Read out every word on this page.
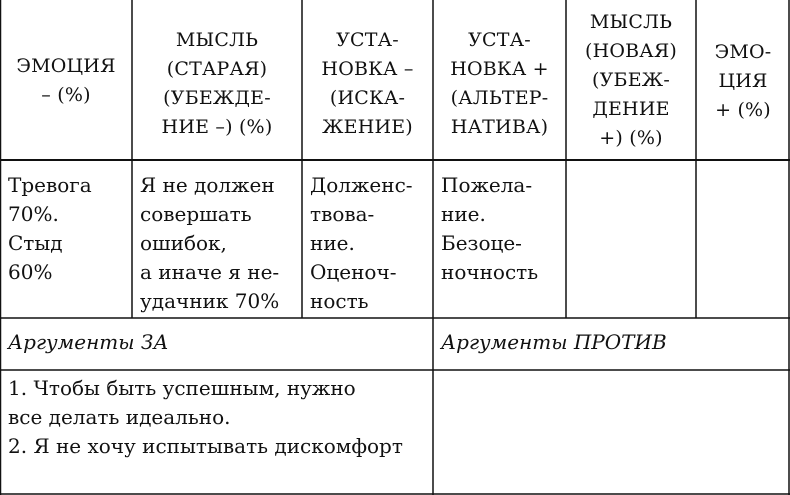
ЭМОЦИЯ
– (%)
МЫСЛЬ
(СТАРАЯ)
(УБЕЖДЕ-
НИЕ –) (%)
УСТА-
НОВКА –
(ИСКА-
ЖЕНИЕ)
УСТА-
НОВКА +
(АЛЬТЕР-
НАТИВА)
МЫСЛЬ
(НОВАЯ)
(УБЕЖ-
ДЕНИЕ
+) (%)
ЭМО-
ЦИЯ
+ (%)
Тревога
70%.
Стыд
60%
Я не должен
совершать
ошибок,
а иначе я не-
удачник 70%
Долженс-
твова-
ние.
Оценоч-
ность
Пожела-
ние.
Безоце-
ночность
Аргументы ЗА	Аргументы ПРОТИВ
1. Чтобы быть успешным, нужно
все делать идеально.
2. Я не хочу испытывать дискомфорт
